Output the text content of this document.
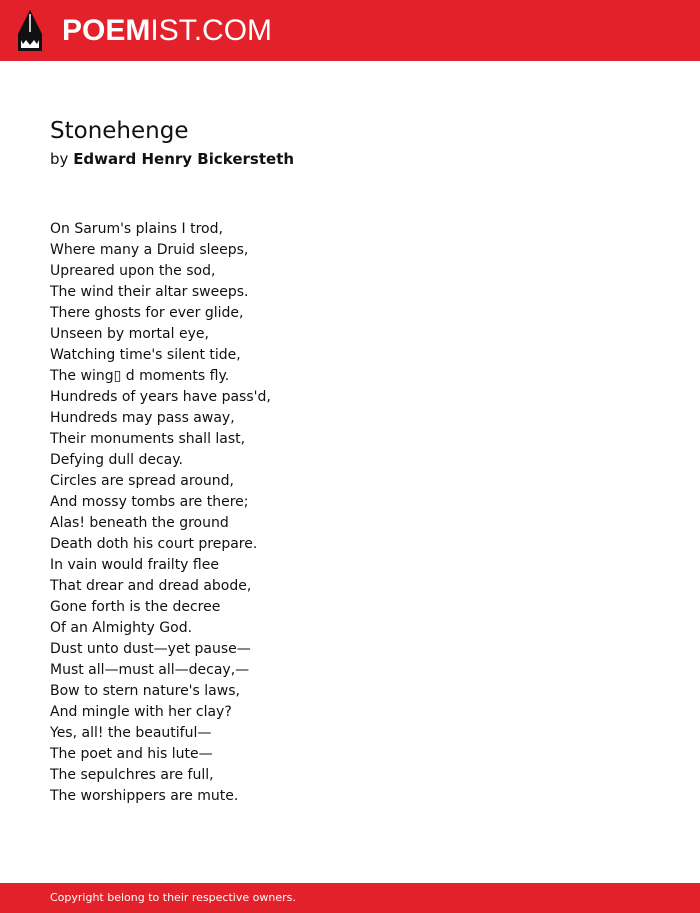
POEMIST.COM
Stonehenge
by Edward Henry Bickersteth
On Sarum's plains I trod,
Where many a Druid sleeps,
Upreared upon the sod,
The wind their altar sweeps.
There ghosts for ever glide,
Unseen by mortal eye,
Watching time's silent tide,
The wing▯ d moments fly.
Hundreds of years have pass'd,
Hundreds may pass away,
Their monuments shall last,
Defying dull decay.
Circles are spread around,
And mossy tombs are there;
Alas! beneath the ground
Death doth his court prepare.
In vain would frailty flee
That drear and dread abode,
Gone forth is the decree
Of an Almighty God.
Dust unto dust—yet pause—
Must all—must all—decay,—
Bow to stern nature's laws,
And mingle with her clay?
Yes, all! the beautiful—
The poet and his lute—
The sepulchres are full,
The worshippers are mute.
Copyright belong to their respective owners.
